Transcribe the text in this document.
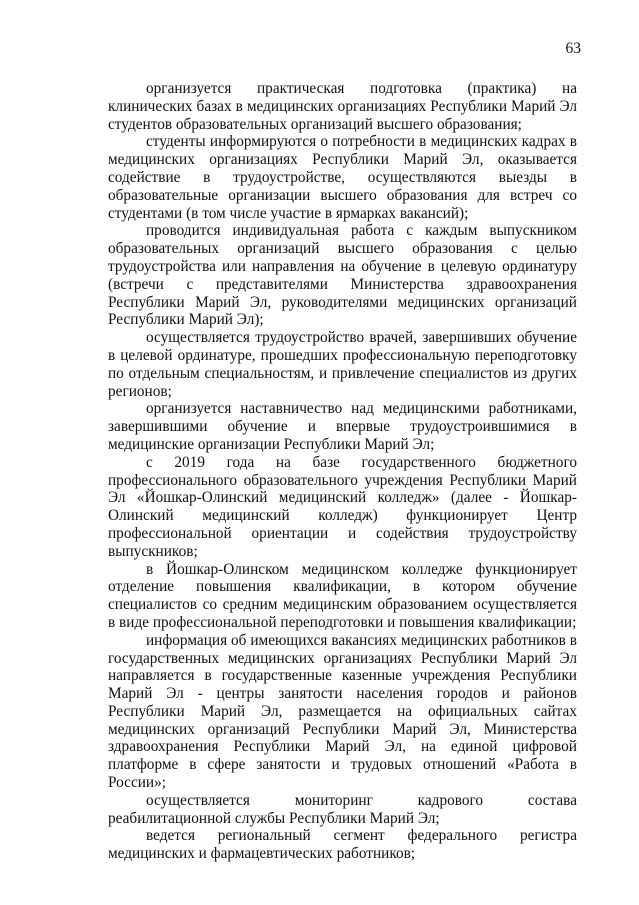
63

организуется практическая подготовка (практика) на клинических базах в медицинских организациях Республики Марий Эл студентов образовательных организаций высшего образования;

студенты информируются о потребности в медицинских кадрах в медицинских организациях Республики Марий Эл, оказывается содействие в трудоустройстве, осуществляются выезды в образовательные организации высшего образования для встреч со студентами (в том числе участие в ярмарках вакансий);

проводится индивидуальная работа с каждым выпускником образовательных организаций высшего образования с целью трудоустройства или направления на обучение в целевую ординатуру (встречи с представителями Министерства здравоохранения Республики Марий Эл, руководителями медицинских организаций Республики Марий Эл);

осуществляется трудоустройство врачей, завершивших обучение в целевой ординатуре, прошедших профессиональную переподготовку по отдельным специальностям, и привлечение специалистов из других регионов;

организуется наставничество над медицинскими работниками, завершившими обучение и впервые трудоустроившимися в медицинские организации Республики Марий Эл;

с 2019 года на базе государственного бюджетного профессионального образовательного учреждения Республики Марий Эл «Йошкар-Олинский медицинский колледж» (далее - Йошкар-Олинский медицинский колледж) функционирует Центр профессиональной ориентации и содействия трудоустройству выпускников;

в Йошкар-Олинском медицинском колледже функционирует отделение повышения квалификации, в котором обучение специалистов со средним медицинским образованием осуществляется в виде профессиональной переподготовки и повышения квалификации;

информация об имеющихся вакансиях медицинских работников в государственных медицинских организациях Республики Марий Эл направляется в государственные казенные учреждения Республики Марий Эл - центры занятости населения городов и районов Республики Марий Эл, размещается на официальных сайтах медицинских организаций Республики Марий Эл, Министерства здравоохранения Республики Марий Эл, на единой цифровой платформе в сфере занятости и трудовых отношений «Работа в России»;

осуществляется мониторинг кадрового состава реабилитационной службы Республики Марий Эл;

ведется региональный сегмент федерального регистра медицинских и фармацевтических работников;
